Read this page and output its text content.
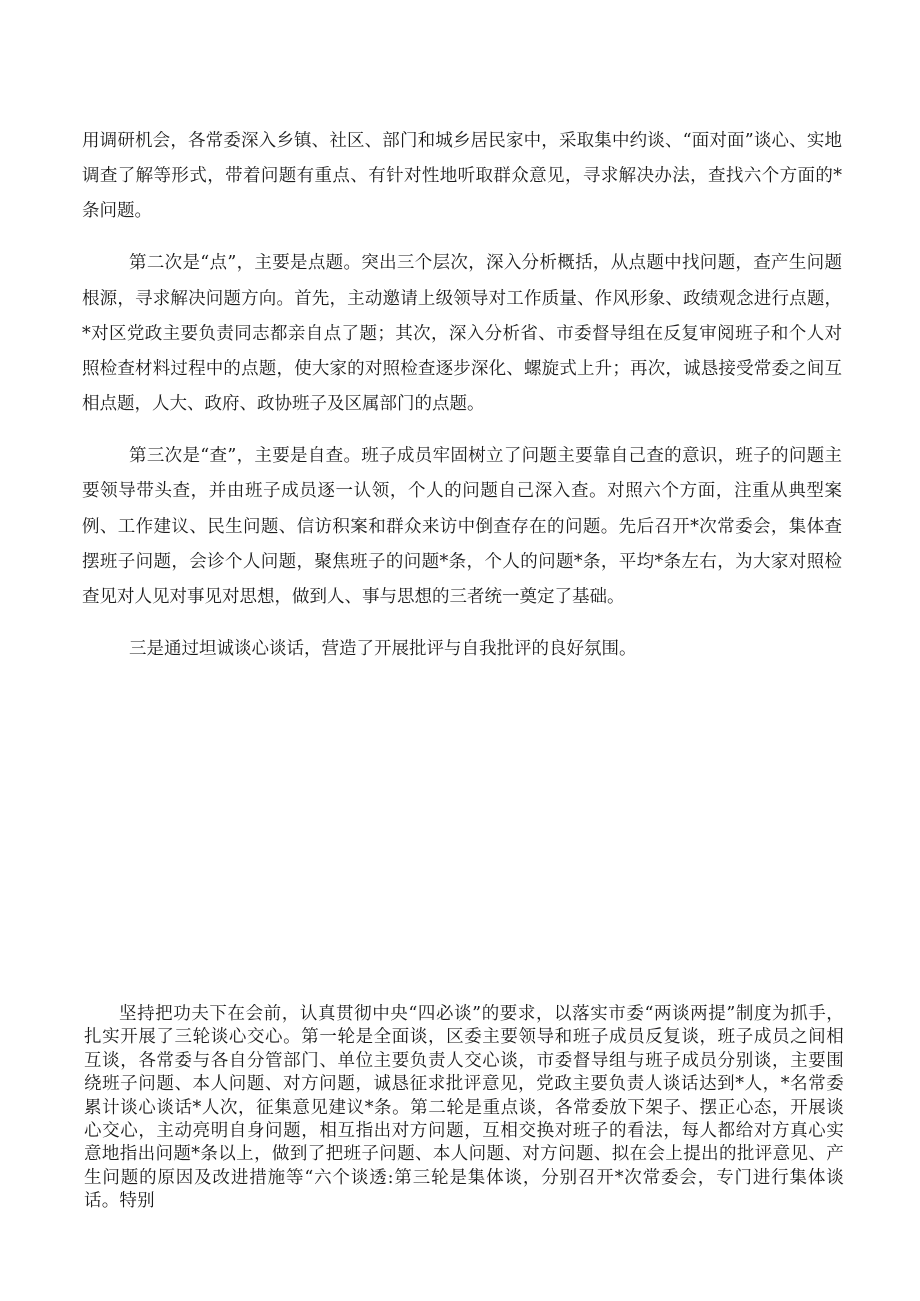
用调研机会，各常委深入乡镇、社区、部门和城乡居民家中，采取集中约谈、“面对面”谈心、实地调查了解等形式，带着问题有重点、有针对性地听取群众意见，寻求解决办法，查找六个方面的*条问题。

第二次是“点”，主要是点题。突出三个层次，深入分析概括，从点题中找问题，查产生问题根源，寻求解决问题方向。首先，主动邀请上级领导对工作质量、作风形象、政绩观念进行点题，*对区党政主要负责同志都亲自点了题；其次，深入分析省、市委督导组在反复审阅班子和个人对照检查材料过程中的点题，使大家的对照检查逐步深化、螺旋式上升；再次，诚恳接受常委之间互相点题，人大、政府、政协班子及区属部门的点题。

第三次是“查”，主要是自查。班子成员牢固树立了问题主要靠自己查的意识，班子的问题主要领导带头查，并由班子成员逐一认领，个人的问题自己深入查。对照六个方面，注重从典型案例、工作建议、民生问题、信访积案和群众来访中倒查存在的问题。先后召开*次常委会，集体查摆班子问题，会诊个人问题，聚焦班子的问题*条，个人的问题*条，平均*条左右，为大家对照检查见对人见对事见对思想，做到人、事与思想的三者统一奠定了基础。

三是通过坦诚谈心谈话，营造了开展批评与自我批评的良好氛围。

坚持把功夫下在会前，认真贯彻中央“四必谈”的要求，以落实市委“两谈两提”制度为抓手，扎实开展了三轮谈心交心。第一轮是全面谈，区委主要领导和班子成员反复谈，班子成员之间相互谈，各常委与各自分管部门、单位主要负责人交心谈，市委督导组与班子成员分别谈，主要围绕班子问题、本人问题、对方问题，诚恳征求批评意见，党政主要负责人谈话达到*人，*名常委累计谈心谈话*人次，征集意见建议*条。第二轮是重点谈，各常委放下架子、摆正心态，开展谈心交心，主动亮明自身问题，相互指出对方问题，互相交换对班子的看法，每人都给对方真心实意地指出问题*条以上，做到了把班子问题、本人问题、对方问题、拟在会上提出的批评意见、产生问题的原因及改进措施等“六个谈透:第三轮是集体谈，分别召开*次常委会，专门进行集体谈话。特别
